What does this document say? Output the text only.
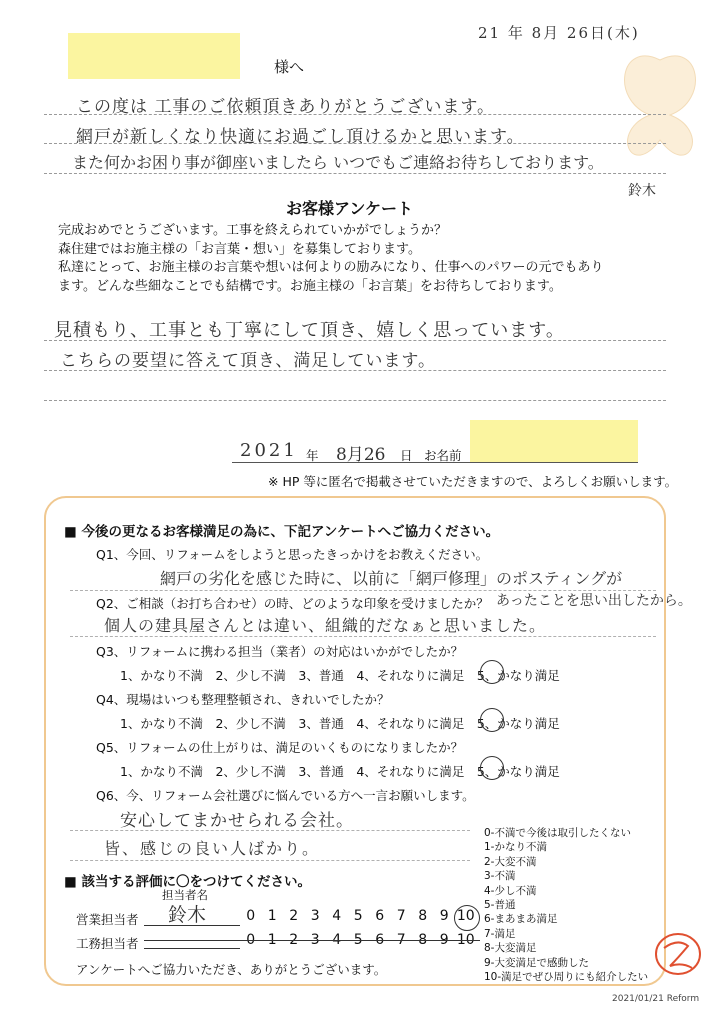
21 年 8月 26日(木)
様へ
この度は 工事のご依頼頂きありがとうございます。
網戸が新しくなり快適にお過ごし頂けるかと思います。
また何かお困り事が御座いましたら いつでもご連絡お待ちしております。
鈴木
お客様アンケート
完成おめでとうございます。工事を終えられていかがでしょうか？
森住建ではお施主様の「お言葉・想い」を募集しております。
私達にとって、お施主様のお言葉や想いは何よりの励みになり、仕事へのパワーの元でもあり
ます。どんな些細なことでも結構です。お施主様の「お言葉」をお待ちしております。
見積もり、工事とも丁寧にして頂き、嬉しく思っています。
こちらの要望に答えて頂き、満足しています。
2021 年 8月26 日 お名前
※ HP 等に匿名で掲載させていただきますので、よろしくお願いします。
■ 今後の更なるお客様満足の為に、下記アンケートへご協力ください。
Q1、今回、リフォームをしようと思ったきっかけをお教えください。
網戸の劣化を感じた時に、以前に「網戸修理」のポスティングが
あったことを思い出したから。
Q2、ご相談（お打ち合わせ）の時、どのような印象を受けましたか？
個人の建具屋さんとは違い、組織的だなぁと思いました。
Q3、リフォームに携わる担当（業者）の対応はいかがでしたか？
1、かなり不満　2、少し不満　3、普通　4、それなりに満足　5、かなり満足
Q4、現場はいつも整理整頓され、きれいでしたか？
1、かなり不満　2、少し不満　3、普通　4、それなりに満足　5、かなり満足
Q5、リフォームの仕上がりは、満足のいくものになりましたか？
1、かなり不満　2、少し不満　3、普通　4、それなりに満足　5、かなり満足
Q6、今、リフォーム会社選びに悩んでいる方へ一言お願いします。
安心してまかせられる会社。
皆、感じの良い人ばかり。
0‐不満で今後は取引したくない
1‐かなり不満
2‐大変不満
3‐不満
4‐少し不満
5‐普通
6‐まあまあ満足
7‐満足
8‐大変満足
9‐大変満足で感動した
10‐満足でぜひ周りにも紹介したい
■ 該当する評価に〇をつけてください。
担当者名
営業担当者 鈴木	0 1 2 3 4 5 6 7 8 9 10
工務担当者	0 1 2 3 4 5 6 7 8 9 10
アンケートへご協力いただき、ありがとうございます。
2021/01/21 Reform
